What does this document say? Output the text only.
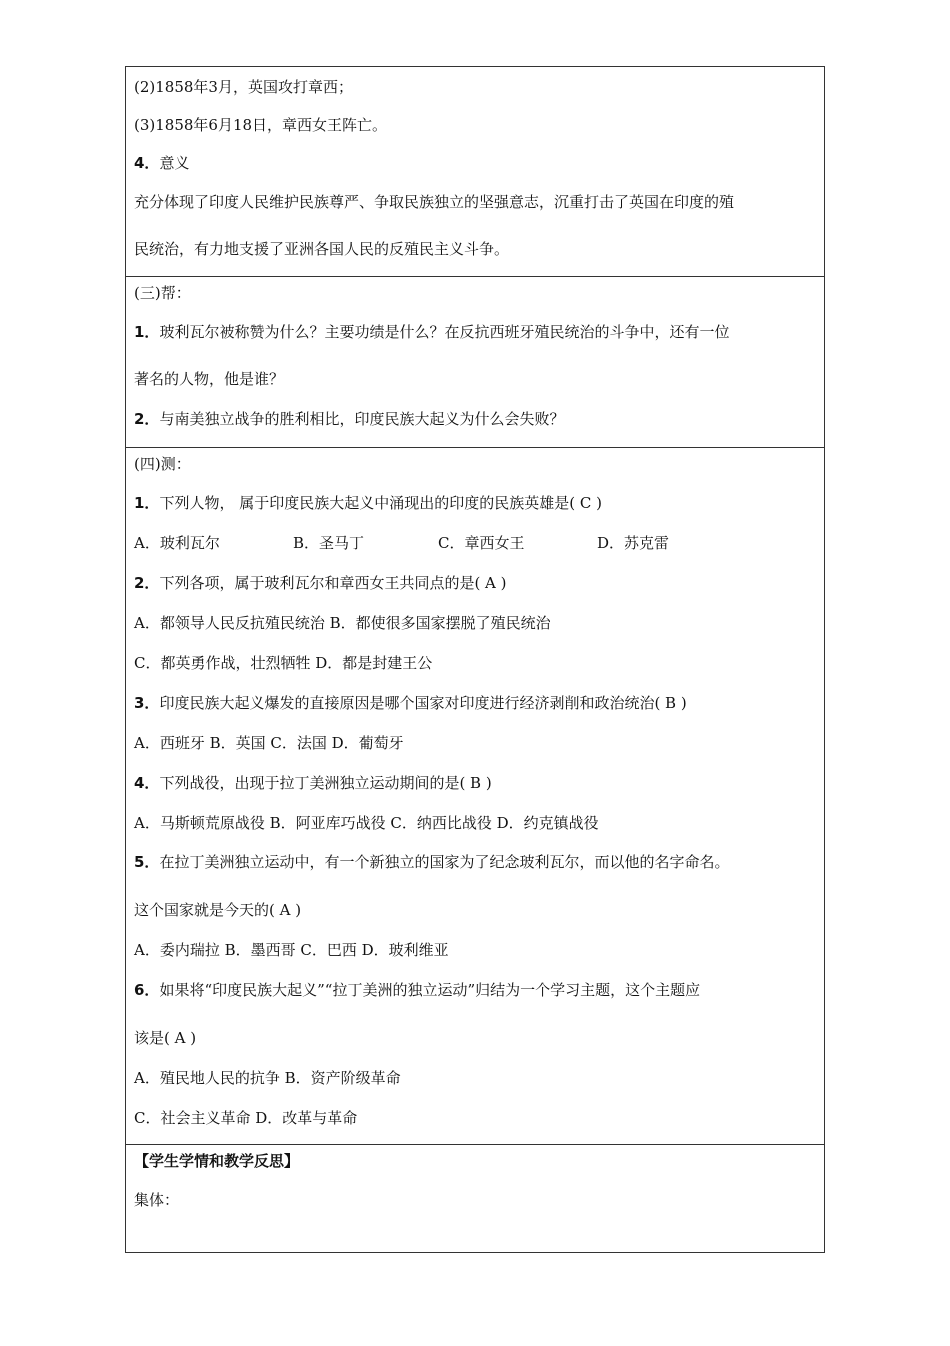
(2)1858年3月，英国攻打章西；
(3)1858年6月18日，章西女王阵亡。
4．意义
充分体现了印度人民维护民族尊严、争取民族独立的坚强意志，沉重打击了英国在印度的殖
民统治，有力地支援了亚洲各国人民的反殖民主义斗争。
(三)帮：
1．玻利瓦尔被称赞为什么？主要功绩是什么？在反抗西班牙殖民统治的斗争中，还有一位
著名的人物，他是谁？
2．与南美独立战争的胜利相比，印度民族大起义为什么会失败？
(四)测：
1．下列人物， 属于印度民族大起义中涌现出的印度的民族英雄是( C )
A．玻利瓦尔	B．圣马丁	C．章西女王	D．苏克雷
2．下列各项，属于玻利瓦尔和章西女王共同点的是( A )
A．都领导人民反抗殖民统治 B．都使很多国家摆脱了殖民统治
C．都英勇作战，壮烈牺牲 D．都是封建王公
3．印度民族大起义爆发的直接原因是哪个国家对印度进行经济剥削和政治统治( B )
A．西班牙 B．英国 C．法国 D．葡萄牙
4．下列战役，出现于拉丁美洲独立运动期间的是( B )
A．马斯顿荒原战役 B．阿亚库巧战役 C．纳西比战役 D．约克镇战役
5．在拉丁美洲独立运动中，有一个新独立的国家为了纪念玻利瓦尔，而以他的名字命名。
这个国家就是今天的( A )
A．委内瑞拉 B．墨西哥 C．巴西 D．玻利维亚
6．如果将“印度民族大起义”“拉丁美洲的独立运动”归结为一个学习主题，这个主题应
该是( A )
A．殖民地人民的抗争 B．资产阶级革命
C．社会主义革命 D．改革与革命
【学生学情和教学反思】
集体：
